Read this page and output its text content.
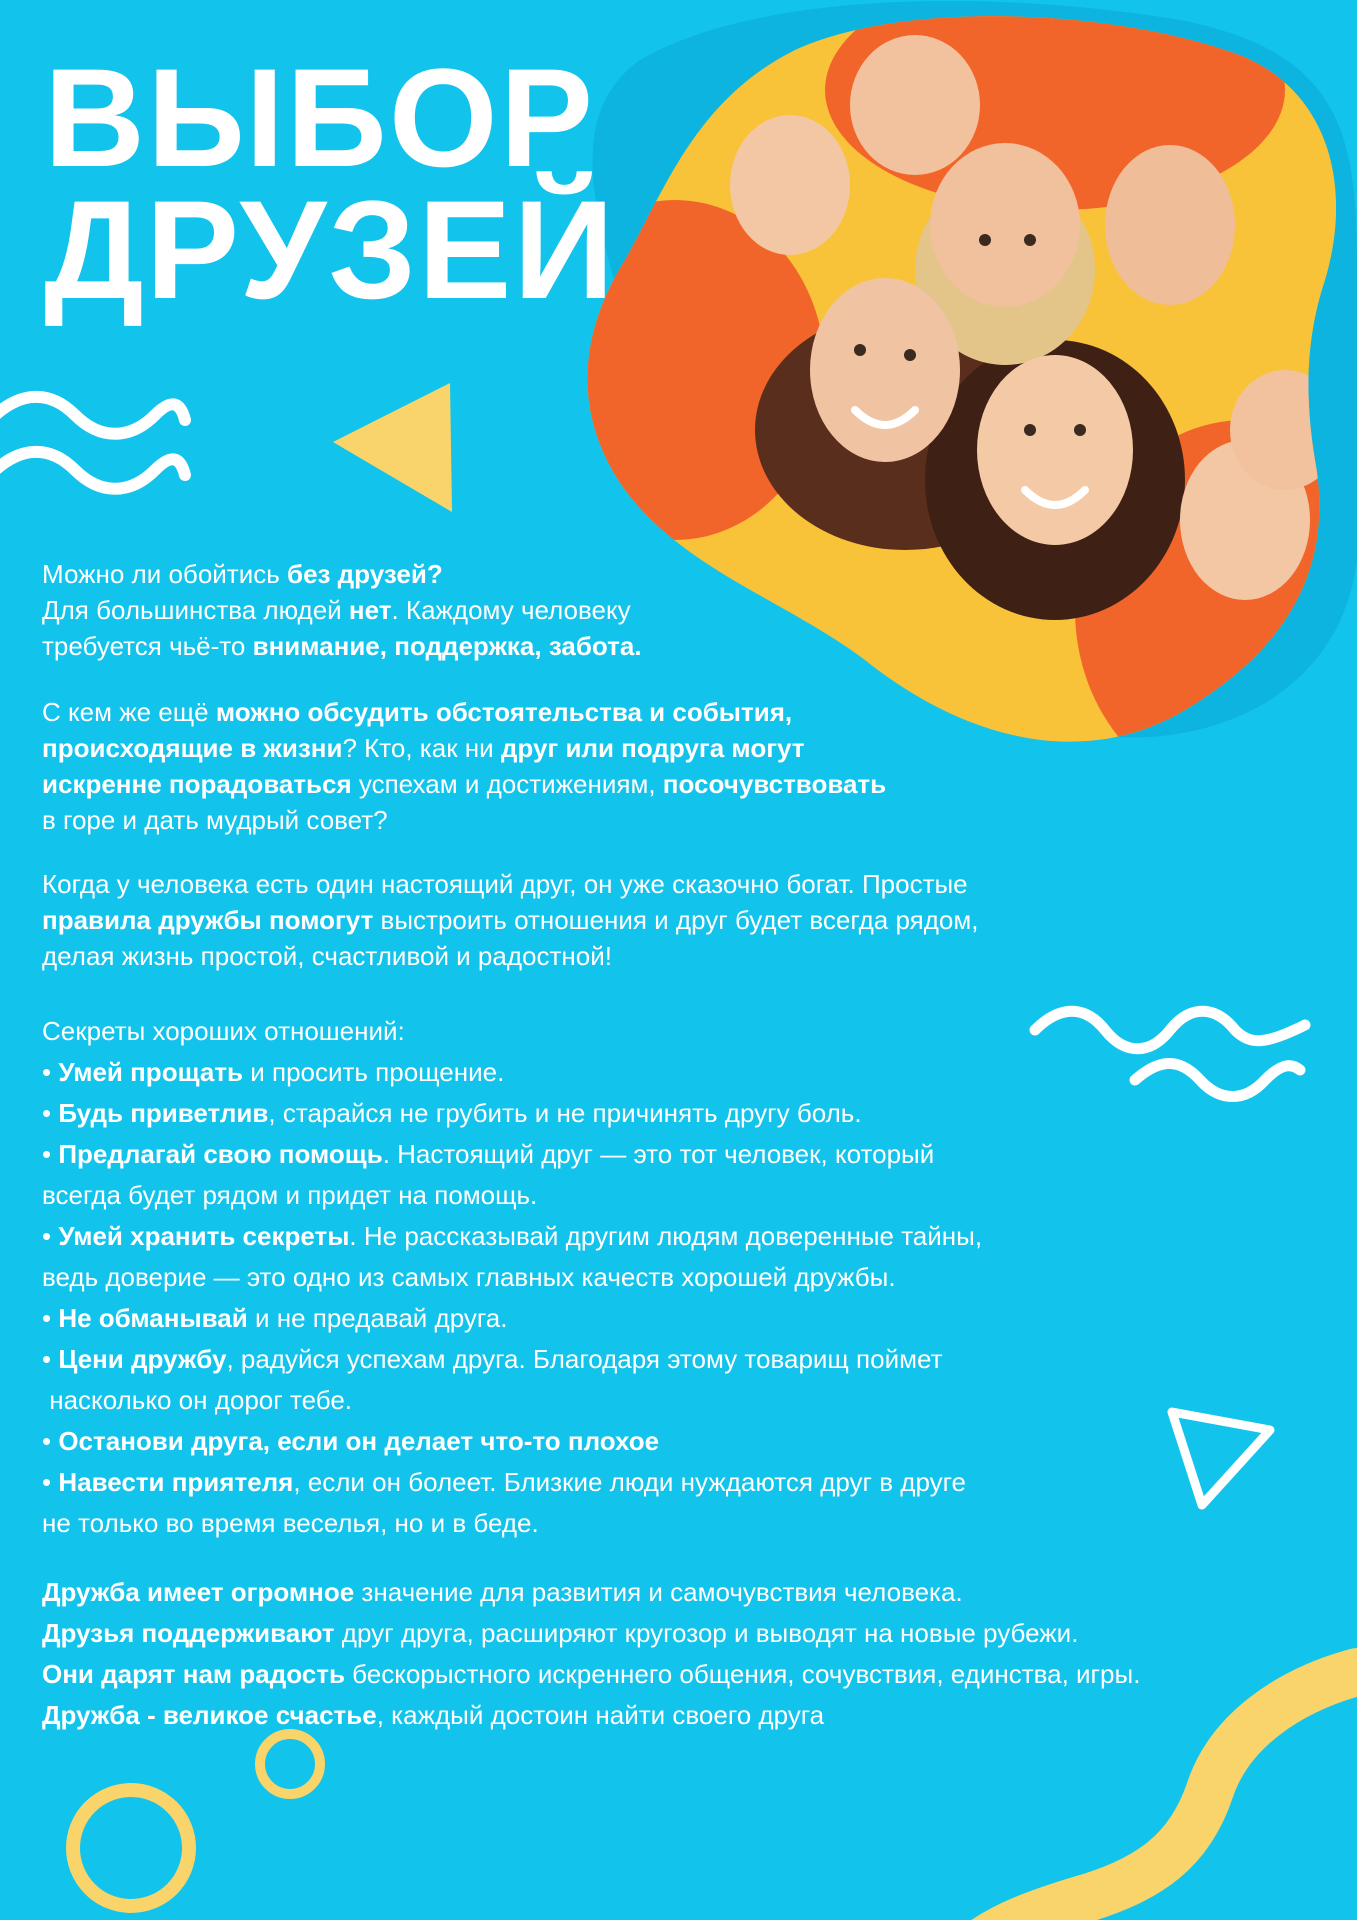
ВЫБОР
ДРУЗЕЙ
Можно ли обойтись без друзей?
Для большинства людей нет. Каждому человеку
требуется чьё-то внимание, поддержка, забота.
С кем же ещё можно обсудить обстоятельства и события,
происходящие в жизни? Кто, как ни друг или подруга могут
искренне порадоваться успехам и достижениям, посочувствовать
в горе и дать мудрый совет?
Когда у человека есть один настоящий друг, он уже сказочно богат. Простые
правила дружбы помогут выстроить отношения и друг будет всегда рядом,
делая жизнь простой, счастливой и радостной!
Секреты хороших отношений:
• Умей прощать и просить прощение.
• Будь приветлив, старайся не грубить и не причинять другу боль.
• Предлагай свою помощь. Настоящий друг — это тот человек, который
всегда будет рядом и придет на помощь.
• Умей хранить секреты. Не рассказывай другим людям доверенные тайны,
ведь доверие — это одно из самых главных качеств хорошей дружбы.
• Не обманывай и не предавай друга.
• Цени дружбу, радуйся успехам друга. Благодаря этому товарищ поймет
насколько он дорог тебе.
• Останови друга, если он делает что-то плохое
• Навести приятеля, если он болеет. Близкие люди нуждаются друг в друге
не только во время веселья, но и в беде.
Дружба имеет огромное значение для развития и самочувствия человека.
Друзья поддерживают друг друга, расширяют кругозор и выводят на новые рубежи.
Они дарят нам радость бескорыстного искреннего общения, сочувствия, единства, игры.
Дружба - великое счастье, каждый достоин найти своего друга
